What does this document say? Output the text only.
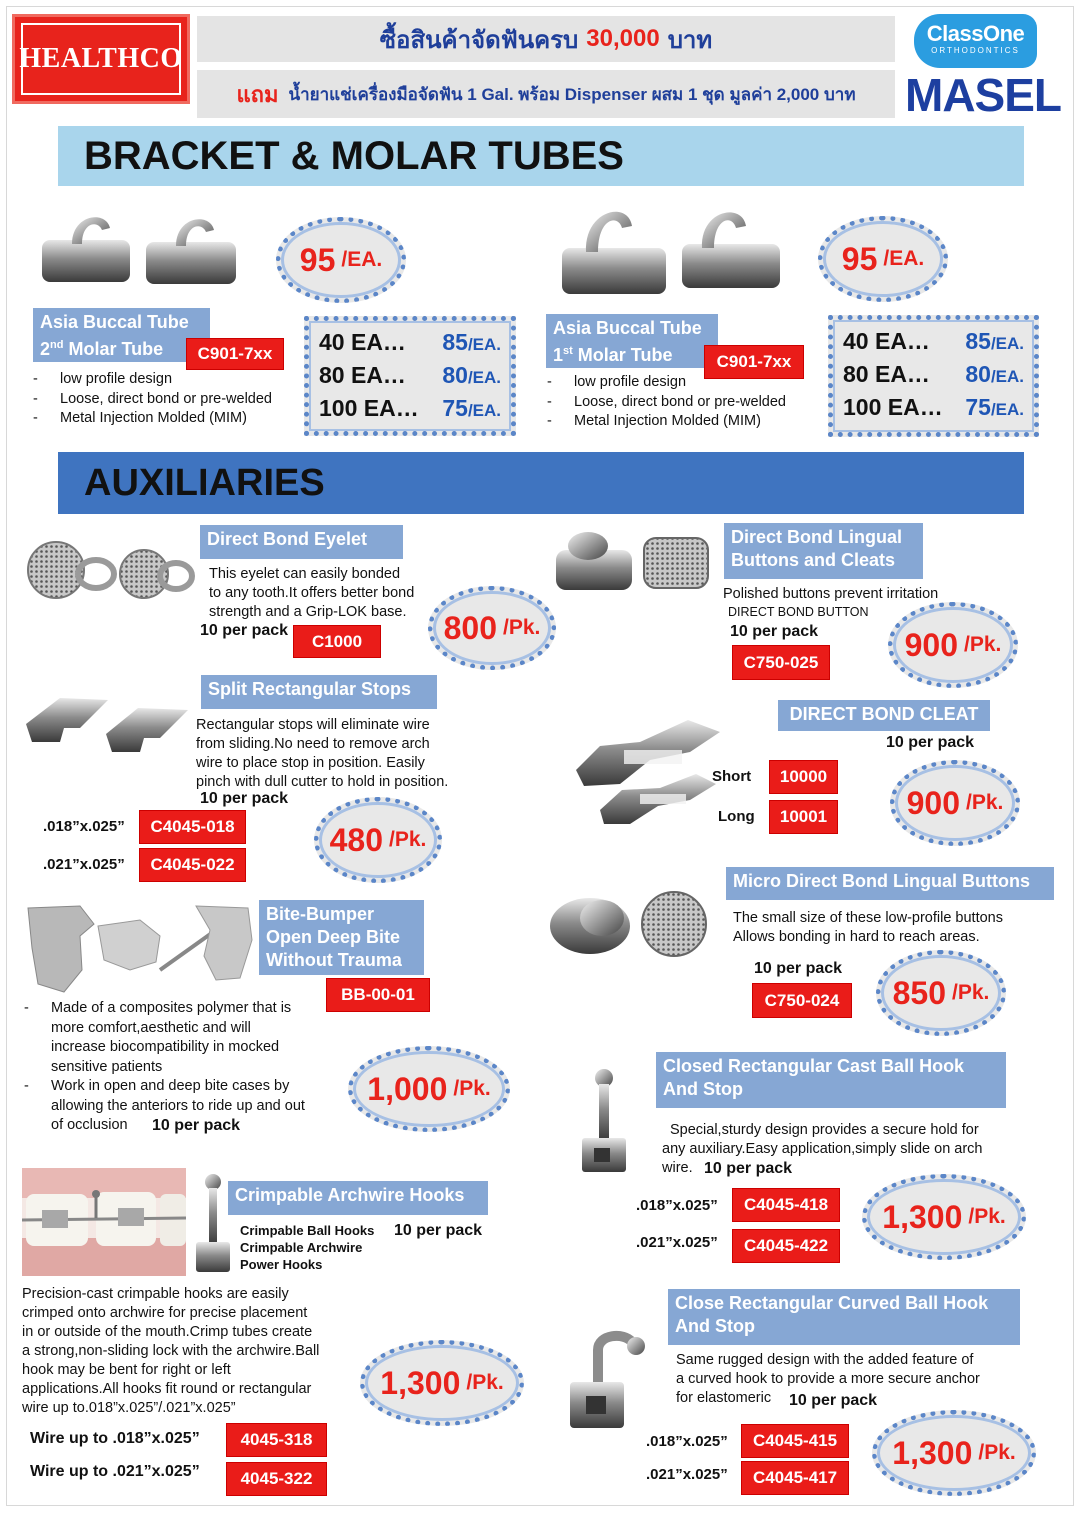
HEALTHCO
ซื้อสินค้าจัดฟันครบ 30,000 บาท
แถม น้ำยาแช่เครื่องมือจัดฟัน 1 Gal. พร้อม Dispenser ผสม 1 ชุด มูลค่า 2,000 บาท
ClassOne
ORTHODONTICS
MASEL
BRACKET & MOLAR TUBES
95 /EA.
Asia Buccal Tube
2nd Molar Tube	C901-7xx
- low profile design
- Loose, direct bond or pre-welded
- Metal Injection Molded (MIM)
40 EA… 85/EA.
80 EA… 80/EA.
100 EA… 75/EA.
95 /EA.
Asia Buccal Tube
1st Molar Tube	C901-7xx
- low profile design
- Loose, direct bond or pre-welded
- Metal Injection Molded (MIM)
40 EA… 85/EA.
80 EA… 80/EA.
100 EA… 75/EA.
AUXILIARIES
Direct Bond Eyelet
This eyelet can easily bonded
to any tooth.It offers better bond
strength and a Grip-LOK base.
10 per pack
C1000	800 /Pk.
Direct Bond Lingual
Buttons and Cleats
Polished buttons prevent irritation
DIRECT BOND BUTTON
10 per pack
C750-025	900 /Pk.
Split Rectangular Stops
Rectangular stops will eliminate wire
from sliding.No need to remove arch
wire to place stop in position. Easily
pinch with dull cutter to hold in position.
10 per pack
.018”x.025”	C4045-018
.021”x.025”	C4045-022
480 /Pk.
DIRECT BOND CLEAT
10 per pack
Short	10000
Long	10001	900 /Pk.
Bite-Bumper
Open Deep Bite
Without Trauma
BB-00-01
- Made of a composites polymer that is
more comfort,aesthetic and will
increase biocompatibility in mocked
sensitive patients
- Work in open and deep bite cases by
allowing the anteriors to ride up and out
of occlusion	10 per pack
1,000 /Pk.
Micro Direct Bond Lingual Buttons
The small size of these low-profile buttons
Allows bonding in hard to reach areas.
10 per pack
C750-024	850 /Pk.
Closed Rectangular Cast Ball Hook
And Stop
Special,sturdy design provides a secure hold for
any auxiliary.Easy application,simply slide on arch
wire. 10 per pack
.018”x.025”	C4045-418
.021”x.025”	C4045-422
1,300 /Pk.
Crimpable Archwire Hooks
Crimpable Ball Hooks
Crimpable Archwire
Power Hooks
10 per pack
Precision-cast crimpable hooks are easily
crimped onto archwire for precise placement
in or outside of the mouth.Crimp tubes create
a strong,non-sliding lock with the archwire.Ball
hook may be bent for right or left
applications.All hooks fit round or rectangular
wire up to.018”x.025”/.021”x.025”
Wire up to .018”x.025”	4045-318
Wire up to .021”x.025”	4045-322
1,300 /Pk.
Close Rectangular Curved Ball Hook
And Stop
Same rugged design with the added feature of
a curved hook to provide a more secure anchor
for elastomeric	10 per pack
.018”x.025”	C4045-415
.021”x.025”	C4045-417
1,300 /Pk.
